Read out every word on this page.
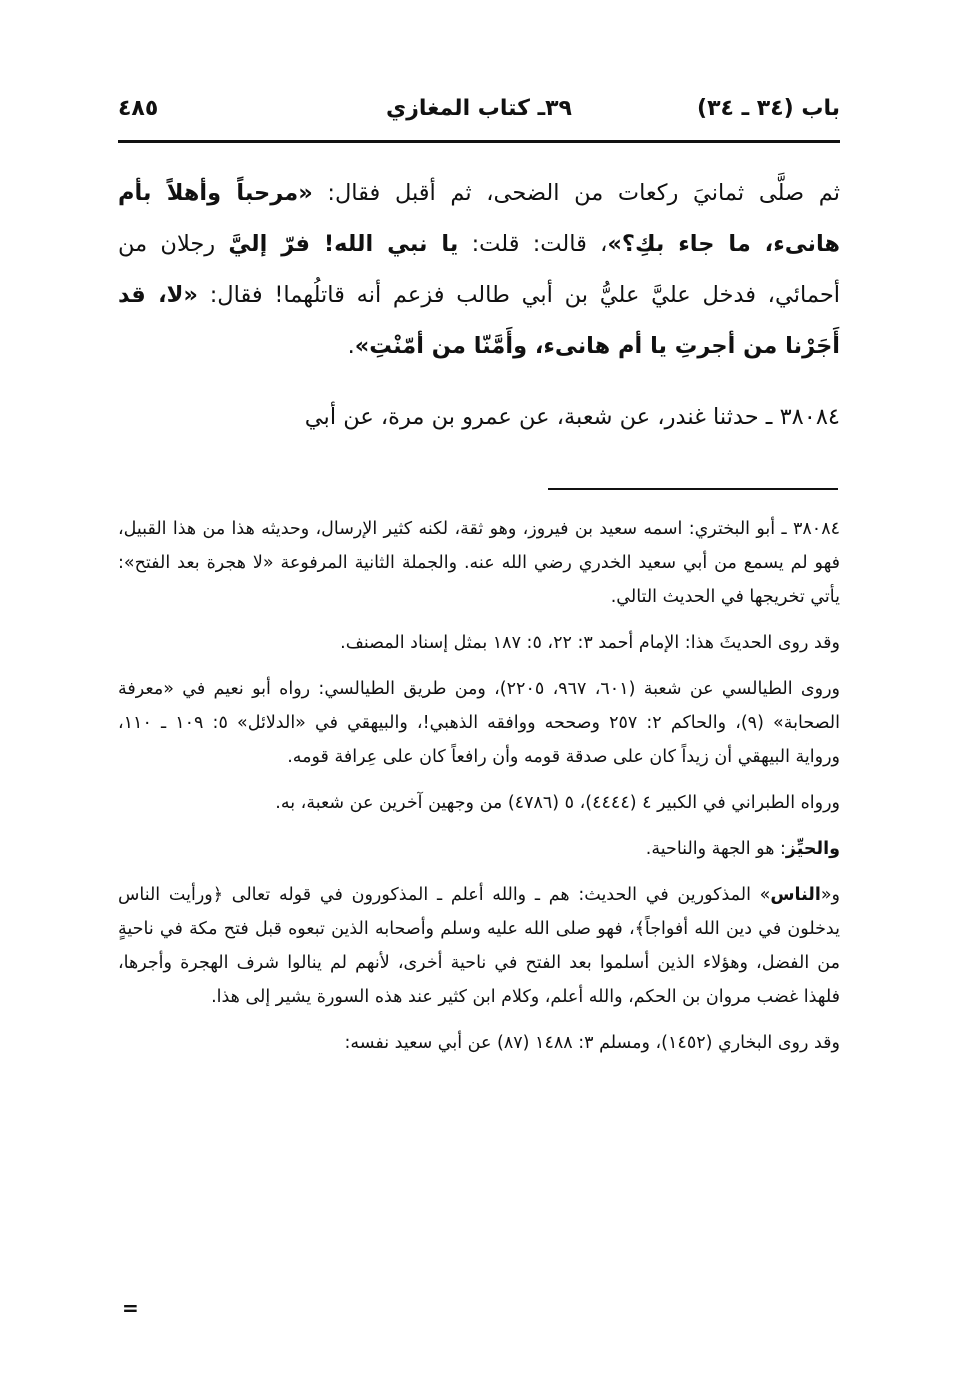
باب (٣٤ ـ ٣٤)
٣٩ـ كتاب المغازي
٤٨٥

ثم صلَّى ثمانيَ ركعات من الضحى، ثم أقبل فقال: «مرحباً وأهلاً بأم هانىء، ما جاء بكِ؟»، قالت: قلت: يا نبي الله! فرّ إليَّ رجلان من أحمائي، فدخل عليَّ عليُّ بن أبي طالب فزعم أنه قاتلُهما! فقال: «لا، قد أَجَرْنا من أجرتِ يا أم هانىء، وأَمَّنّا من أمّنْتِ».

٣٨٠٨٤ ـ حدثنا غندر، عن شعبة، عن عمرو بن مرة، عن أبي

٣٨٠٨٤ ـ أبو البختري: اسمه سعيد بن فيروز، وهو ثقة، لكنه كثير الإرسال، وحديثه هذا من هذا القبيل، فهو لم يسمع من أبي سعيد الخدري رضي الله عنه. والجملة الثانية المرفوعة «لا هجرة بعد الفتح»: يأتي تخريجها في الحديث التالي.

وقد روى الحديثَ هذا: الإمام أحمد ٣: ٢٢، ٥: ١٨٧ بمثل إسناد المصنف.

وروى الطيالسي عن شعبة (٦٠١، ٩٦٧، ٢٢٠٥)، ومن طريق الطيالسي: رواه أبو نعيم في «معرفة الصحابة» (٩)، والحاكم ٢: ٢٥٧ وصححه ووافقه الذهبي!، والبيهقي في «الدلائل» ٥: ١٠٩ ـ ١١٠، ورواية البيهقي أن زيداً كان على صدقة قومه وأن رافعاً كان على عِرافة قومه.

ورواه الطبراني في الكبير ٤ (٤٤٤٤)، ٥ (٤٧٨٦) من وجهين آخرين عن شعبة، به.

والحيِّز: هو الجهة والناحية.

و«الناس» المذكورين في الحديث: هم ـ والله أعلم ـ المذكورون في قوله تعالى ﴿ورأيت الناس يدخلون في دين الله أفواجاً﴾، فهو صلى الله عليه وسلم وأصحابه الذين تبعوه قبل فتح مكة في ناحيةٍ من الفضل، وهؤلاء الذين أسلموا بعد الفتح في ناحية أخرى، لأنهم لم ينالوا شرف الهجرة وأجرها، فلهذا غضب مروان بن الحكم، والله أعلم، وكلام ابن كثير عند هذه السورة يشير إلى هذا.

وقد روى البخاري (١٤٥٢)، ومسلم ٣: ١٤٨٨ (٨٧) عن أبي سعيد نفسه:

=
